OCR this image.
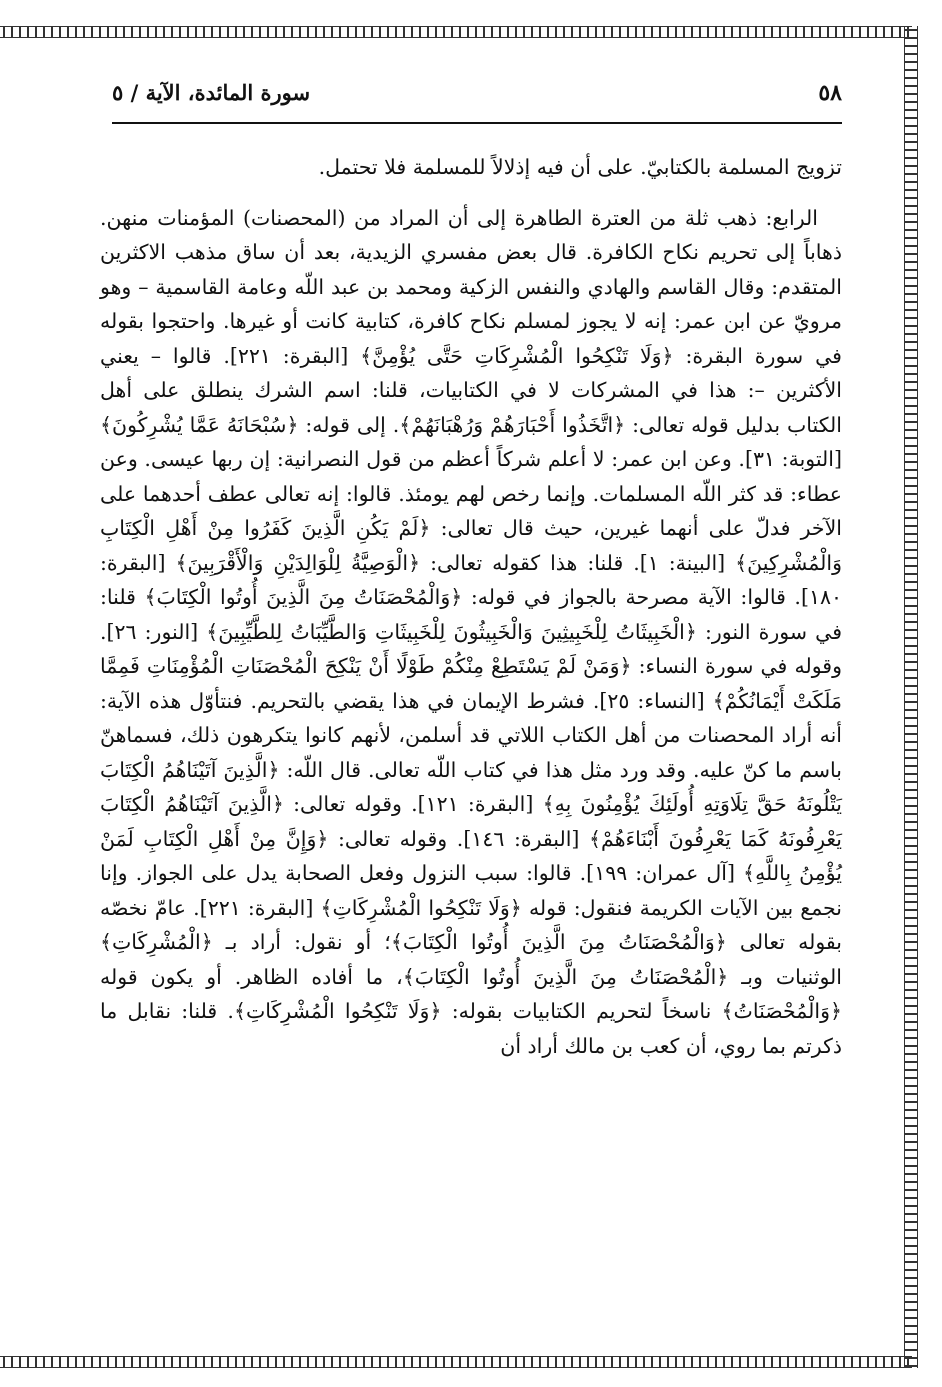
٥٨
سورة المائدة، الآية / ٥

تزويج المسلمة بالكتابيّ. على أن فيه إذلالاً للمسلمة فلا تحتمل.

الرابع: ذهب ثلة من العترة الطاهرة إلى أن المراد من (المحصنات) المؤمنات منهن. ذهاباً إلى تحريم نكاح الكافرة. قال بعض مفسري الزيدية، بعد أن ساق مذهب الاكثرين المتقدم: وقال القاسم والهادي والنفس الزكية ومحمد بن عبد اللّه وعامة القاسمية – وهو مرويّ عن ابن عمر: إنه لا يجوز لمسلم نكاح كافرة، كتابية كانت أو غيرها. واحتجوا بقوله في سورة البقرة: ﴿وَلَا تَنْكِحُوا الْمُشْرِكَاتِ حَتَّى يُؤْمِنَّ﴾ [البقرة: ٢٢١]. قالوا – يعني الأكثرين –: هذا في المشركات لا في الكتابيات، قلنا: اسم الشرك ينطلق على أهل الكتاب بدليل قوله تعالى: ﴿اتَّخَذُوا أَحْبَارَهُمْ وَرُهْبَانَهُمْ﴾. إلى قوله: ﴿سُبْحَانَهُ عَمَّا يُشْرِكُونَ﴾ [التوبة: ٣١]. وعن ابن عمر: لا أعلم شركاً أعظم من قول النصرانية: إن ربها عيسى. وعن عطاء: قد كثر اللّه المسلمات. وإنما رخص لهم يومئذ. قالوا: إنه تعالى عطف أحدهما على الآخر فدلّ على أنهما غيرين، حيث قال تعالى: ﴿لَمْ يَكُنِ الَّذِينَ كَفَرُوا مِنْ أَهْلِ الْكِتَابِ وَالْمُشْرِكِينَ﴾ [البينة: ١]. قلنا: هذا كقوله تعالى: ﴿الْوَصِيَّةُ لِلْوَالِدَيْنِ وَالْأَقْرَبِينَ﴾ [البقرة: ١٨٠]. قالوا: الآية مصرحة بالجواز في قوله: ﴿وَالْمُحْصَنَاتُ مِنَ الَّذِينَ أُوتُوا الْكِتَابَ﴾ قلنا: في سورة النور: ﴿الْخَبِيثَاتُ لِلْخَبِيثِينَ وَالْخَبِيثُونَ لِلْخَبِيثَاتِ وَالطَّيِّبَاتُ لِلطَّيِّبِينَ﴾ [النور: ٢٦]. وقوله في سورة النساء: ﴿وَمَنْ لَمْ يَسْتَطِعْ مِنْكُمْ طَوْلًا أَنْ يَنْكِحَ الْمُحْصَنَاتِ الْمُؤْمِنَاتِ فَمِمَّا مَلَكَتْ أَيْمَانُكُمْ﴾ [النساء: ٢٥]. فشرط الإيمان في هذا يقضي بالتحريم. فنتأوّل هذه الآية: أنه أراد المحصنات من أهل الكتاب اللاتي قد أسلمن، لأنهم كانوا يتكرهون ذلك، فسماهنّ باسم ما كنّ عليه. وقد ورد مثل هذا في كتاب اللّه تعالى. قال اللّه: ﴿الَّذِينَ آتَيْنَاهُمُ الْكِتَابَ يَتْلُونَهُ حَقَّ تِلَاوَتِهِ أُولَئِكَ يُؤْمِنُونَ بِهِ﴾ [البقرة: ١٢١]. وقوله تعالى: ﴿الَّذِينَ آتَيْنَاهُمُ الْكِتَابَ يَعْرِفُونَهُ كَمَا يَعْرِفُونَ أَبْنَاءَهُمْ﴾ [البقرة: ١٤٦]. وقوله تعالى: ﴿وَإِنَّ مِنْ أَهْلِ الْكِتَابِ لَمَنْ يُؤْمِنُ بِاللَّهِ﴾ [آل عمران: ١٩٩]. قالوا: سبب النزول وفعل الصحابة يدل على الجواز. وإنا نجمع بين الآيات الكريمة فنقول: قوله ﴿وَلَا تَنْكِحُوا الْمُشْرِكَاتِ﴾ [البقرة: ٢٢١]. عامّ نخصّه بقوله تعالى ﴿وَالْمُحْصَنَاتُ مِنَ الَّذِينَ أُوتُوا الْكِتَابَ﴾؛ أو نقول: أراد بـ ﴿الْمُشْرِكَاتِ﴾ الوثنيات وبـ ﴿الْمُحْصَنَاتُ مِنَ الَّذِينَ أُوتُوا الْكِتَابَ﴾، ما أفاده الظاهر. أو يكون قوله ﴿وَالْمُحْصَنَاتُ﴾ ناسخاً لتحريم الكتابيات بقوله: ﴿وَلَا تَنْكِحُوا الْمُشْرِكَاتِ﴾. قلنا: نقابل ما ذكرتم بما روي، أن كعب بن مالك أراد أن
